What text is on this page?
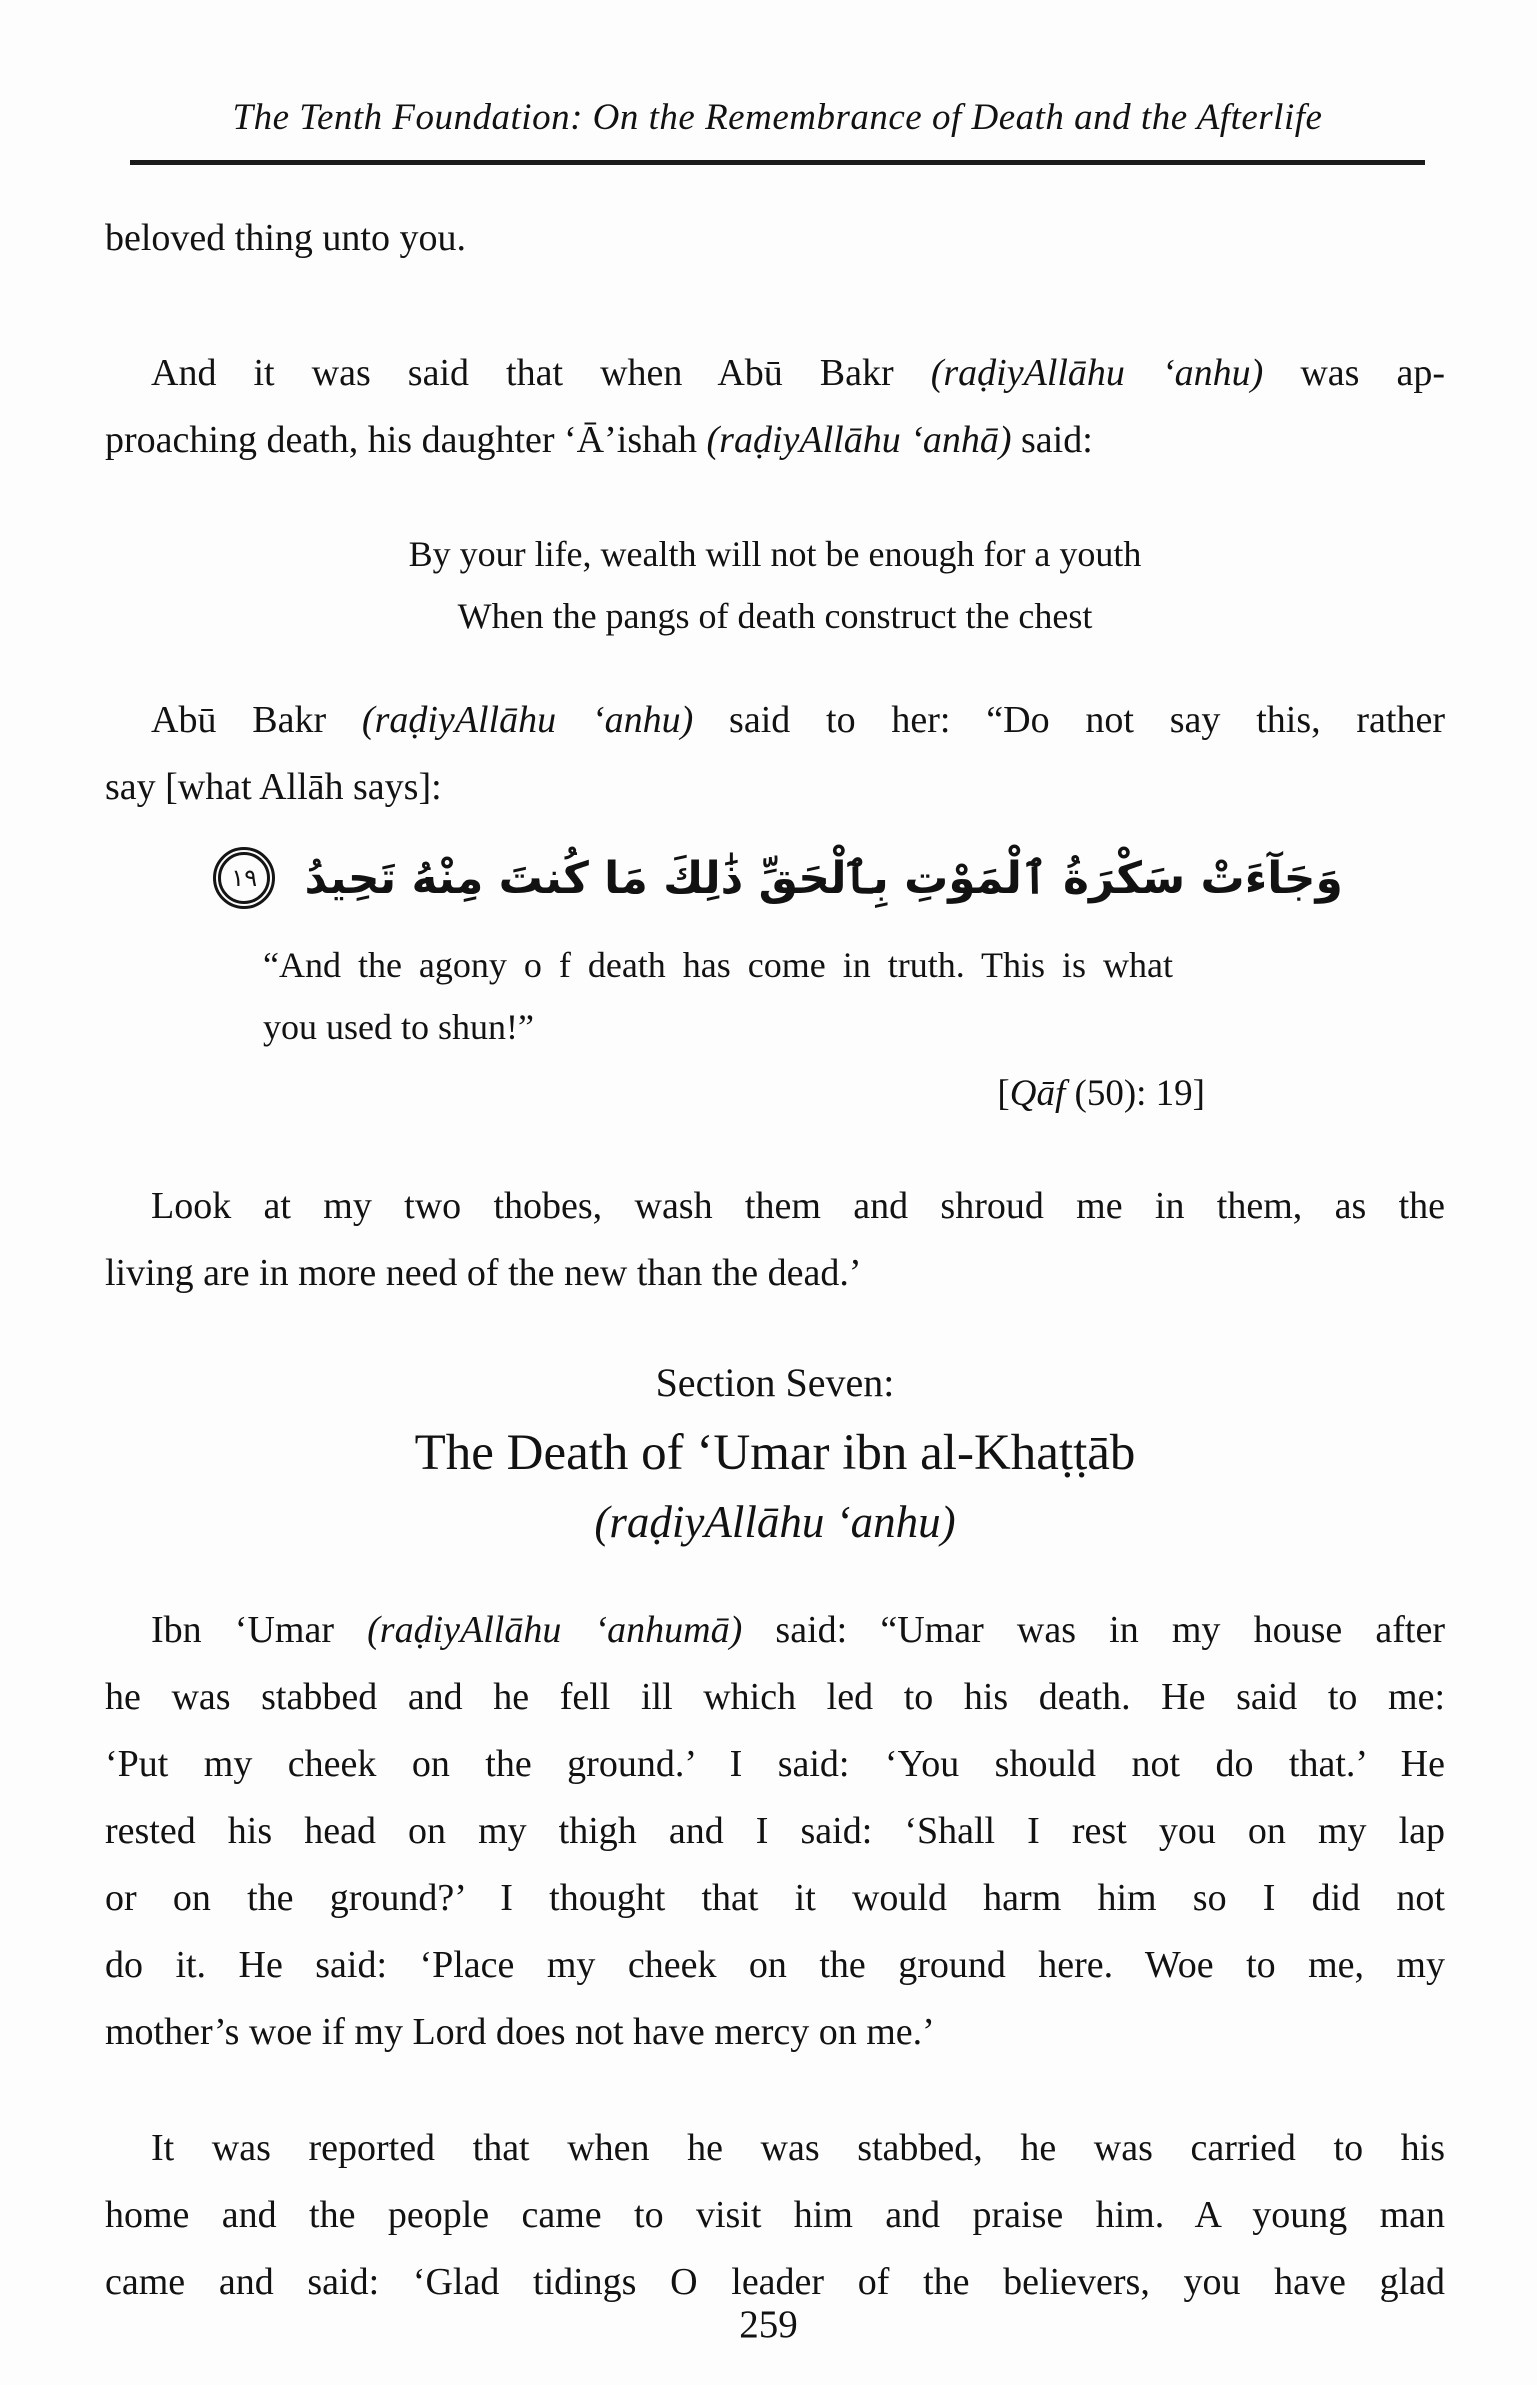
The Tenth Foundation: On the Remembrance of Death and the Afterlife
beloved thing unto you.
And it was said that when Abū Bakr (raḍiyAllāhu ‘anhu) was ap-
proaching death, his daughter ‘Ā’ishah (raḍiyAllāhu ‘anhā) said:
By your life, wealth will not be enough for a youth
When the pangs of death construct the chest
Abū Bakr (raḍiyAllāhu ‘anhu) said to her: “Do not say this, rather
say [what Allāh says]:
وَجَآءَتْ سَكْرَةُ ٱلْمَوْتِ بِٱلْحَقِّ ذَٰلِكَ مَا كُنتَ مِنْهُ تَحِيدُ ١٩
“And the agony o f death has come in truth. This is what
you used to shun!”
[Qāf (50): 19]
Look at my two thobes, wash them and shroud me in them, as the
living are in more need of the new than the dead.’
Section Seven:
The Death of ‘Umar ibn al-Khaṭṭāb
(raḍiyAllāhu ‘anhu)
Ibn ‘Umar (raḍiyAllāhu ‘anhumā) said: “Umar was in my house after
he was stabbed and he fell ill which led to his death. He said to me:
‘Put my cheek on the ground.’ I said: ‘You should not do that.’ He
rested his head on my thigh and I said: ‘Shall I rest you on my lap
or on the ground?’ I thought that it would harm him so I did not
do it. He said: ‘Place my cheek on the ground here. Woe to me, my
mother’s woe if my Lord does not have mercy on me.’
It was reported that when he was stabbed, he was carried to his
home and the people came to visit him and praise him. A young man
came and said: ‘Glad tidings O leader of the believers, you have glad
259
